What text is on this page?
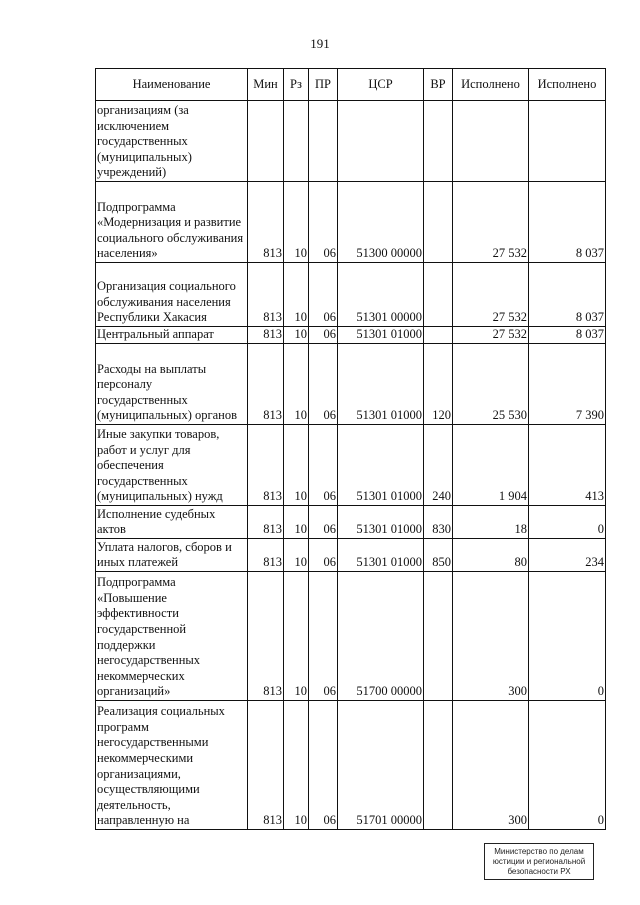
191
Наименование	Мин	Рз	ПР	ЦСР	ВР	Исполнено	Исполнено
организациям (за исключением государственных (муниципальных) учреждений)							
Подпрограмма «Модернизация и развитие социального обслуживания населения»	813	10	06	51300 00000		27 532	8 037
Организация социального обслуживания населения Республики Хакасия	813	10	06	51301 00000		27 532	8 037
Центральный аппарат	813	10	06	51301 01000		27 532	8 037
Расходы на выплаты персоналу государственных (муниципальных) органов	813	10	06	51301 01000	120	25 530	7 390
Иные закупки товаров, работ и услуг для обеспечения государственных (муниципальных) нужд	813	10	06	51301 01000	240	1 904	413
Исполнение судебных актов	813	10	06	51301 01000	830	18	0
Уплата налогов, сборов и иных платежей	813	10	06	51301 01000	850	80	234
Подпрограмма «Повышение эффективности государственной поддержки негосударственных некоммерческих организаций»	813	10	06	51700 00000		300	0
Реализация социальных программ негосударственными некоммерческими организациями, осуществляющими деятельность, направленную на	813	10	06	51701 00000		300	0
Министерство по делам
юстиции и региональной
безопасности РХ
